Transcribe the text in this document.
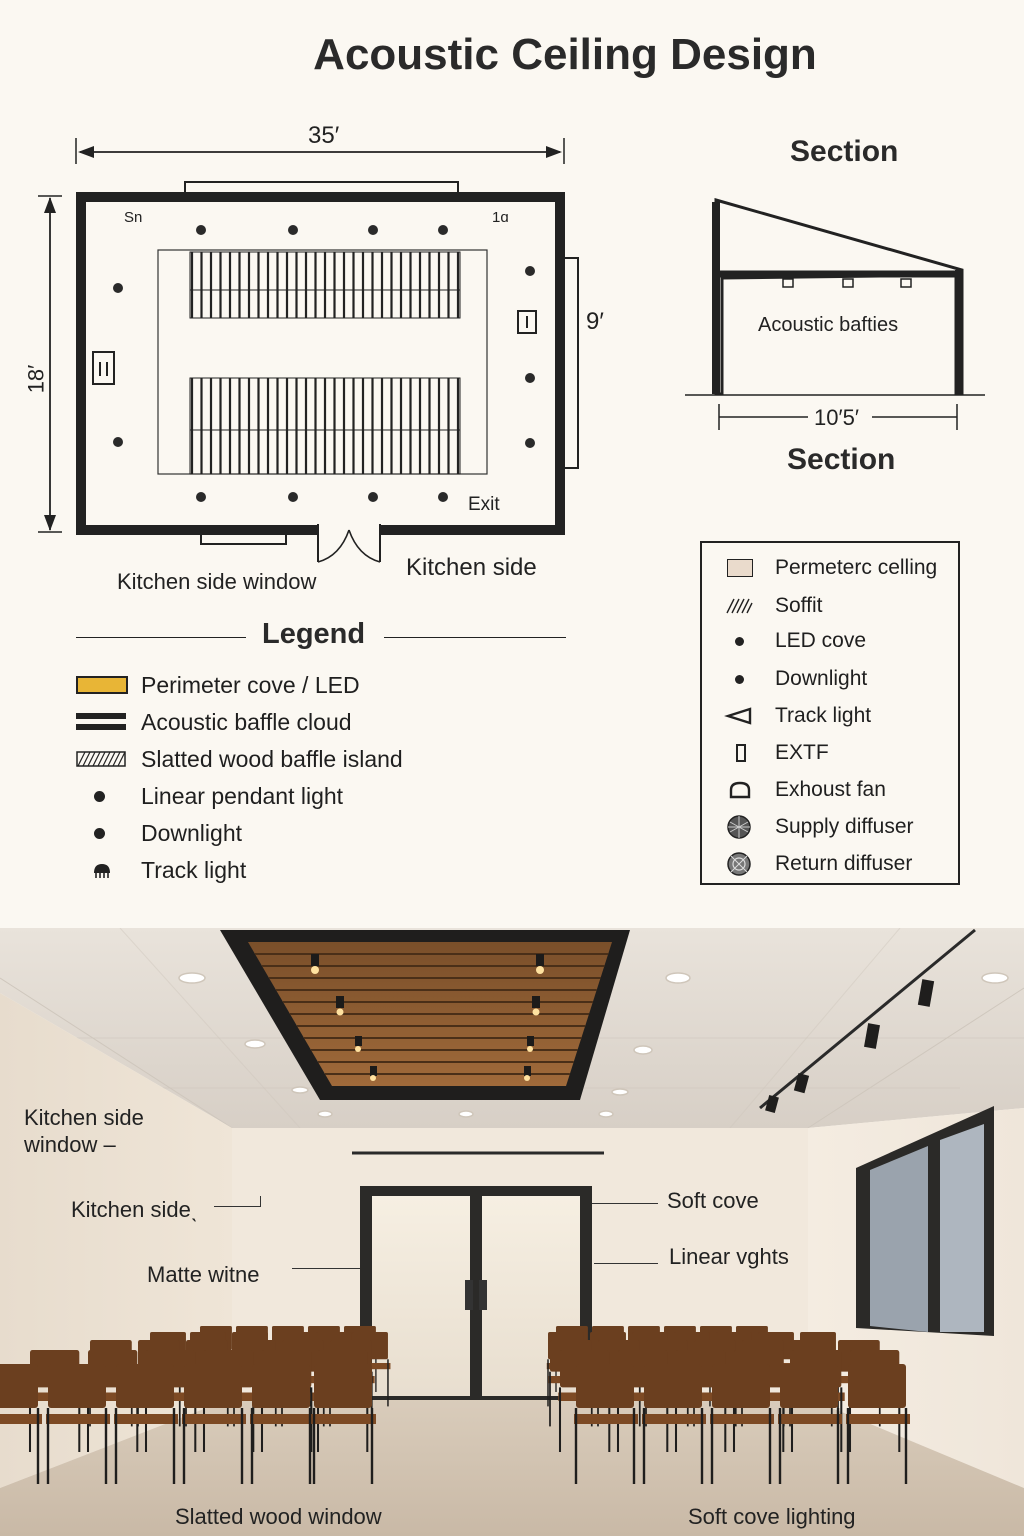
Acoustic Ceiling Design
35′
18′
9′
Sn	1ɑ
Exit
Kitchen side window
Kitchen side
Section
Acoustic bafties
10′5′
Section
Legend
Perimeter cove / LED
Acoustic baffle cloud
Slatted wood baffle island
Linear pendant light
Downlight
Track light
Permeterc celling
Soffit
LED cove
Downlight
Track light
EXTF
Exhoust fan
Supply diffuser
Return diffuser
Kitchen side
window –
Kitchen sideˎ
Matte witne
Soft cove
Linear vghts
Slatted wood window	Soft cove lighting
